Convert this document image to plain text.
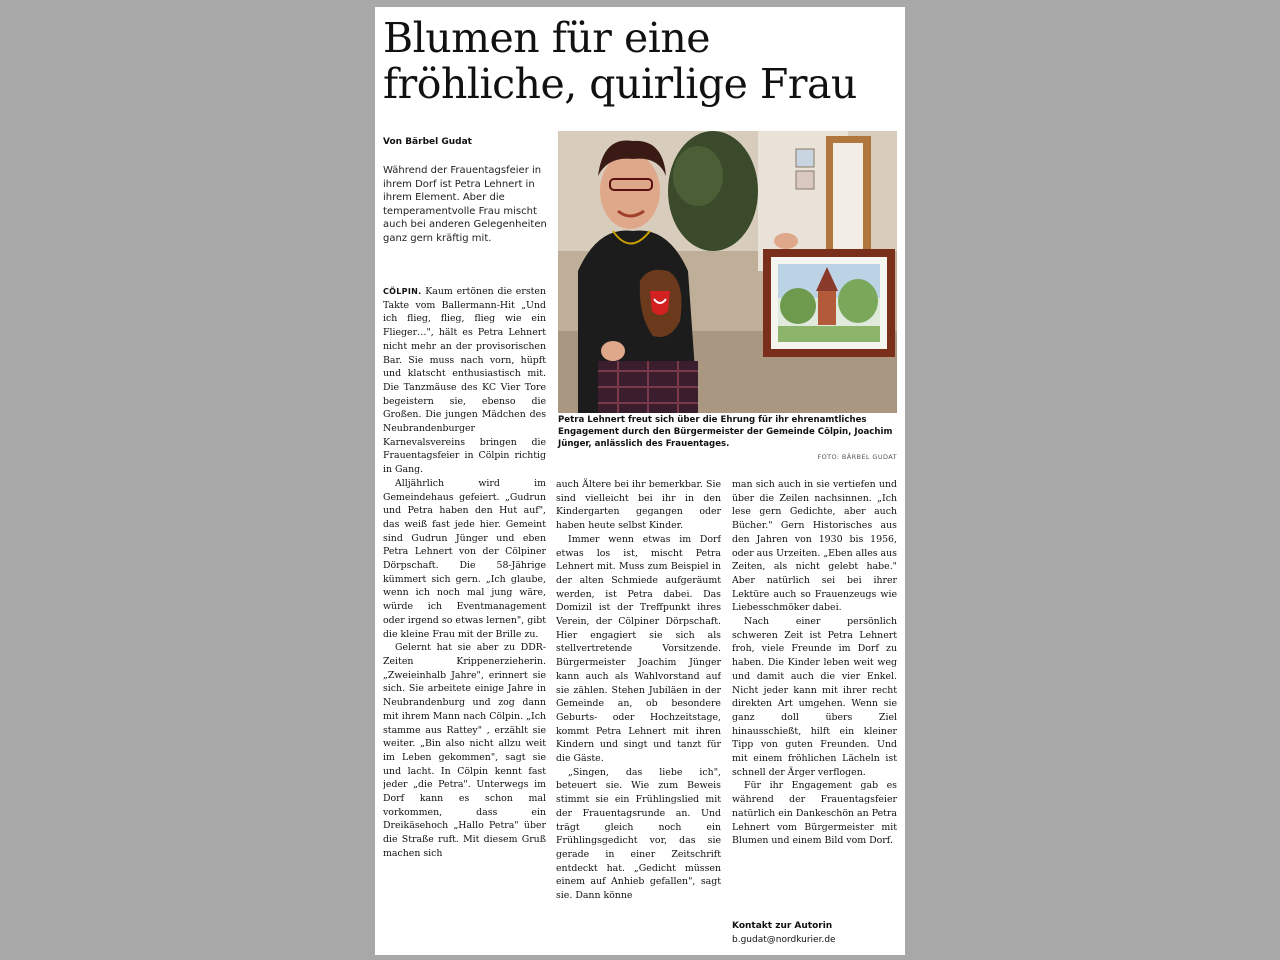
Blumen für eine fröhliche, quirlige Frau
Von Bärbel Gudat
Während der Frauentagsfeier in ihrem Dorf ist Petra Lehnert in ihrem Element. Aber die temperamentvolle Frau mischt auch bei anderen Gelegenheiten ganz gern kräftig mit.
Petra Lehnert freut sich über die Ehrung für ihr ehrenamtliches Engagement durch den Bürgermeister der Gemeinde Cölpin, Joachim Jünger, anlässlich des Frauentages.
FOTO: BÄRBEL GUDAT

CÖLPIN. Kaum ertönen die ersten Takte vom Ballermann-Hit „Und ich flieg, flieg, flieg wie ein Flieger…", hält es Petra Lehnert nicht mehr an der provisorischen Bar. Sie muss nach vorn, hüpft und klatscht enthusiastisch mit. Die Tanzmäuse des KC Vier Tore begeistern sie, ebenso die Großen. Die jungen Mädchen des Neubrandenburger Karnevalsvereins bringen die Frauentagsfeier in Cölpin richtig in Gang.

Alljährlich wird im Gemeindehaus gefeiert. „Gudrun und Petra haben den Hut auf", das weiß fast jede hier. Gemeint sind Gudrun Jünger und eben Petra Lehnert von der Cölpiner Dörpschaft. Die 58-Jährige kümmert sich gern. „Ich glaube, wenn ich noch mal jung wäre, würde ich Eventmanagement oder irgend so etwas lernen", gibt die kleine Frau mit der Brille zu.

Gelernt hat sie aber zu DDR-Zeiten Krippenerzieherin. „Zweieinhalb Jahre", erinnert sie sich. Sie arbeitete einige Jahre in Neubrandenburg und zog dann mit ihrem Mann nach Cölpin. „Ich stamme aus Rattey" , erzählt sie weiter. „Bin also nicht allzu weit im Leben gekommen", sagt sie und lacht. In Cölpin kennt fast jeder „die Petra". Unterwegs im Dorf kann es schon mal vorkommen, dass ein Dreikäsehoch „Hallo Petra" über die Straße ruft. Mit diesem Gruß machen sich

auch Ältere bei ihr bemerkbar. Sie sind vielleicht bei ihr in den Kindergarten gegangen oder haben heute selbst Kinder.

Immer wenn etwas im Dorf etwas los ist, mischt Petra Lehnert mit. Muss zum Beispiel in der alten Schmiede aufgeräumt werden, ist Petra dabei. Das Domizil ist der Treffpunkt ihres Verein, der Cölpiner Dörpschaft. Hier engagiert sie sich als stellvertretende Vorsitzende. Bürgermeister Joachim Jünger kann auch als Wahlvorstand auf sie zählen. Stehen Jubiläen in der Gemeinde an, ob besondere Geburts- oder Hochzeitstage, kommt Petra Lehnert mit ihren Kindern und singt und tanzt für die Gäste.

„Singen, das liebe ich", beteuert sie. Wie zum Beweis stimmt sie ein Frühlingslied mit der Frauentagsrunde an. Und trägt gleich noch ein Frühlingsgedicht vor, das sie gerade in einer Zeitschrift entdeckt hat. „Gedicht müssen einem auf Anhieb gefallen", sagt sie. Dann könne

man sich auch in sie vertiefen und über die Zeilen nachsinnen. „Ich lese gern Gedichte, aber auch Bücher." Gern Historisches aus den Jahren von 1930 bis 1956, oder aus Urzeiten. „Eben alles aus Zeiten, als nicht gelebt habe." Aber natürlich sei bei ihrer Lektüre auch so Frauenzeugs wie Liebesschmöker dabei.

Nach einer persönlich schweren Zeit ist Petra Lehnert froh, viele Freunde im Dorf zu haben. Die Kinder leben weit weg und damit auch die vier Enkel. Nicht jeder kann mit ihrer recht direkten Art umgehen. Wenn sie ganz doll übers Ziel hinausschießt, hilft ein kleiner Tipp von guten Freunden. Und mit einem fröhlichen Lächeln ist schnell der Ärger verflogen.

Für ihr Engagement gab es während der Frauentagsfeier natürlich ein Dankeschön an Petra Lehnert vom Bürgermeister mit Blumen und einem Bild vom Dorf.

Kontakt zur Autorin
b.gudat@nordkurier.de
